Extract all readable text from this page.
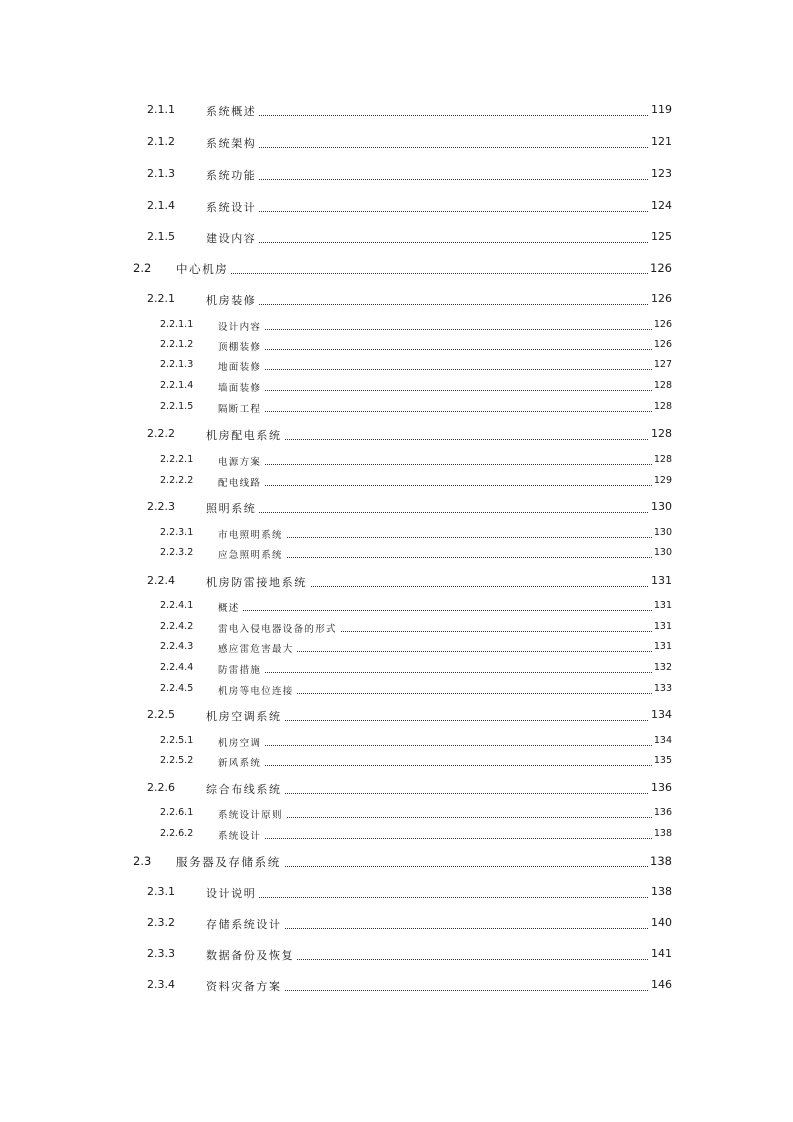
2.1.1	系统概述	119
2.1.2	系统架构	121
2.1.3	系统功能	123
2.1.4	系统设计	124
2.1.5	建设内容	125
2.2 中心机房	126
2.2.1	机房装修	126
2.2.1.1	设计内容	126
2.2.1.2	顶棚装修	126
2.2.1.3	地面装修	127
2.2.1.4	墙面装修	128
2.2.1.5	隔断工程	128
2.2.2	机房配电系统	128
2.2.2.1	电源方案	128
2.2.2.2	配电线路	129
2.2.3	照明系统	130
2.2.3.1	市电照明系统	130
2.2.3.2	应急照明系统	130
2.2.4	机房防雷接地系统	131
2.2.4.1	概述	131
2.2.4.2	雷电入侵电器设备的形式	131
2.2.4.3	感应雷危害最大	131
2.2.4.4	防雷措施	132
2.2.4.5	机房等电位连接	133
2.2.5	机房空调系统	134
2.2.5.1	机房空调	134
2.2.5.2	新风系统	135
2.2.6	综合布线系统	136
2.2.6.1	系统设计原则	136
2.2.6.2	系统设计	138
2.3 服务器及存储系统	138
2.3.1	设计说明	138
2.3.2	存储系统设计	140
2.3.3	数据备份及恢复	141
2.3.4	资料灾备方案	146
